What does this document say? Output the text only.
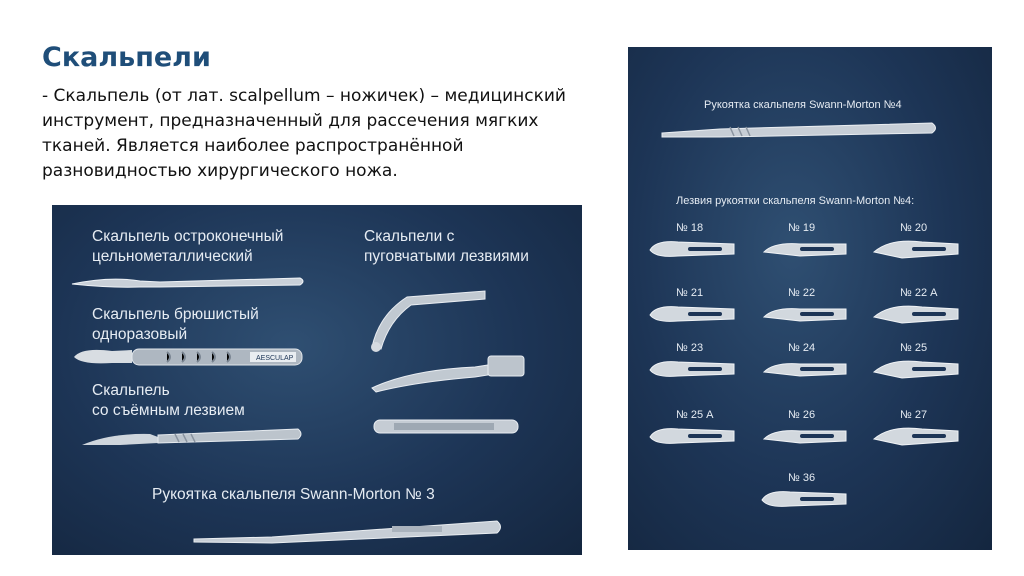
Скальпели
- Скальпель (от лат. scalpellum – ножичек) – медицинский инструмент, предназначенный для рассечения мягких тканей. Является наиболее распространённой разновидностью хирургического ножа.
Скальпель остроконечный
цельнометаллический
Скальпель брюшистый
одноразовый
AESCULAP
Скальпель
со съёмным лезвием
Скальпели с
пуговчатыми лезвиями
Рукоятка скальпеля Swann-Morton № 3
Рукоятка скальпеля Swann-Morton №4
Лезвия рукоятки скальпеля Swann-Morton №4:
№ 18	№ 19	№ 20
№ 21	№ 22	№ 22 А
№ 23	№ 24	№ 25
№ 25 А	№ 26	№ 27
№ 36
